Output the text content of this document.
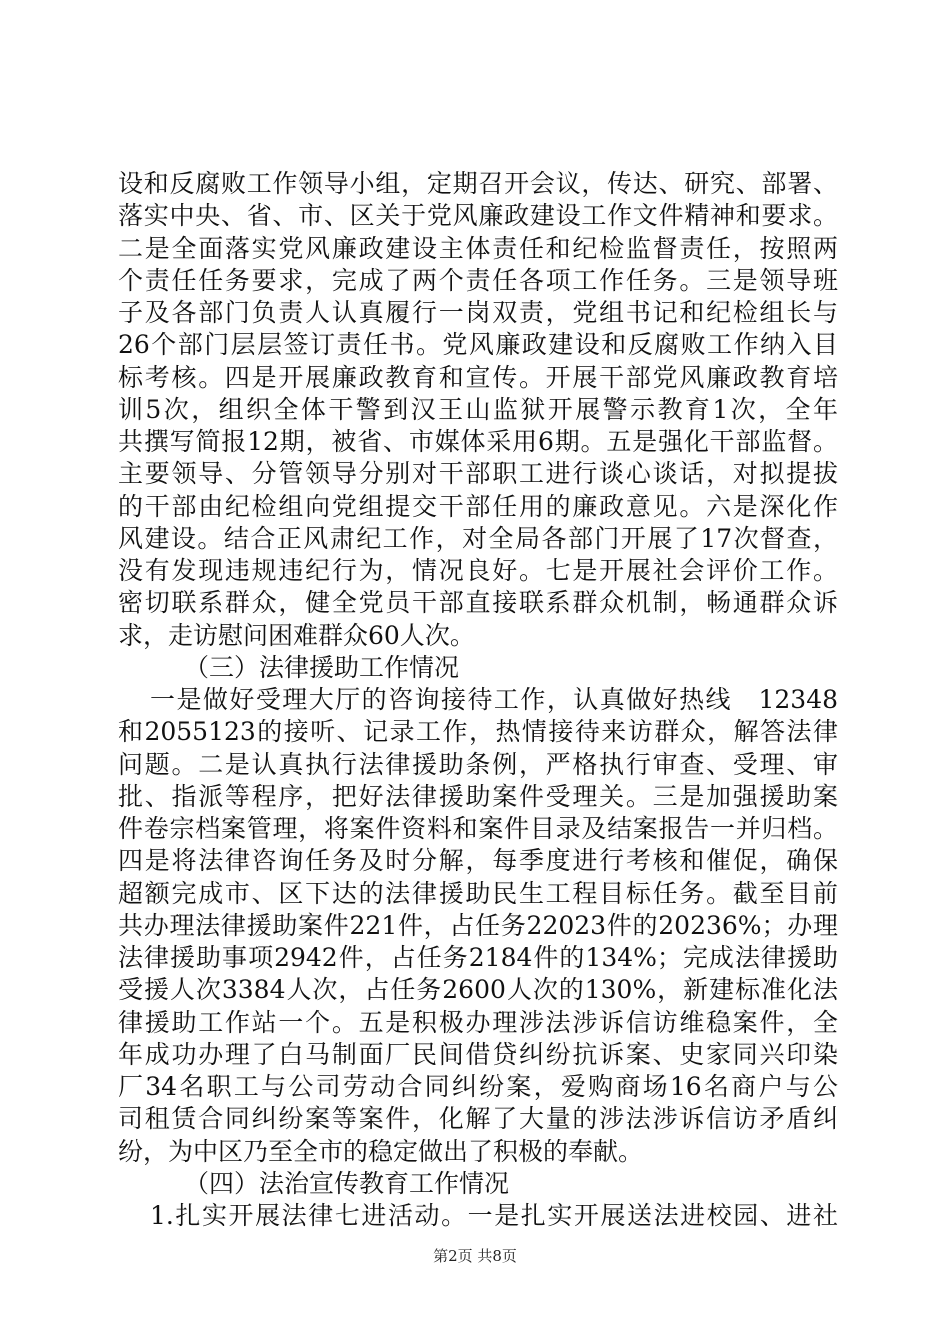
设和反腐败工作领导小组，定期召开会议，传达、研究、部署、
落实中央、省、市、区关于党风廉政建设工作文件精神和要求。
二是全面落实党风廉政建设主体责任和纪检监督责任，按照两
个责任任务要求，完成了两个责任各项工作任务。三是领导班
子及各部门负责人认真履行一岗双责，党组书记和纪检组长与
26个部门层层签订责任书。党风廉政建设和反腐败工作纳入目
标考核。四是开展廉政教育和宣传。开展干部党风廉政教育培
训5次，组织全体干警到汉王山监狱开展警示教育1次，全年
共撰写简报12期，被省、市媒体采用6期。五是强化干部监督。
主要领导、分管领导分别对干部职工进行谈心谈话，对拟提拔
的干部由纪检组向党组提交干部任用的廉政意见。六是深化作
风建设。结合正风肃纪工作，对全局各部门开展了17次督查，
没有发现违规违纪行为，情况良好。七是开展社会评价工作。
密切联系群众，健全党员干部直接联系群众机制，畅通群众诉
求，走访慰问困难群众60人次。
（三）法律援助工作情况
一是做好受理大厅的咨询接待工作，认真做好热线　12348
和2055123的接听、记录工作，热情接待来访群众，解答法律
问题。二是认真执行法律援助条例，严格执行审查、受理、审
批、指派等程序，把好法律援助案件受理关。三是加强援助案
件卷宗档案管理，将案件资料和案件目录及结案报告一并归档。
四是将法律咨询任务及时分解，每季度进行考核和催促，确保
超额完成市、区下达的法律援助民生工程目标任务。截至目前
共办理法律援助案件221件，占任务22023件的20236%；办理
法律援助事项2942件，占任务2184件的134%；完成法律援助
受援人次3384人次，占任务2600人次的130%，新建标准化法
律援助工作站一个。五是积极办理涉法涉诉信访维稳案件，全
年成功办理了白马制面厂民间借贷纠纷抗诉案、史家同兴印染
厂34名职工与公司劳动合同纠纷案，爱购商场16名商户与公
司租赁合同纠纷案等案件，化解了大量的涉法涉诉信访矛盾纠
纷，为中区乃至全市的稳定做出了积极的奉献。
（四）法治宣传教育工作情况
1.扎实开展法律七进活动。一是扎实开展送法进校园、进社
第2页 共8页
